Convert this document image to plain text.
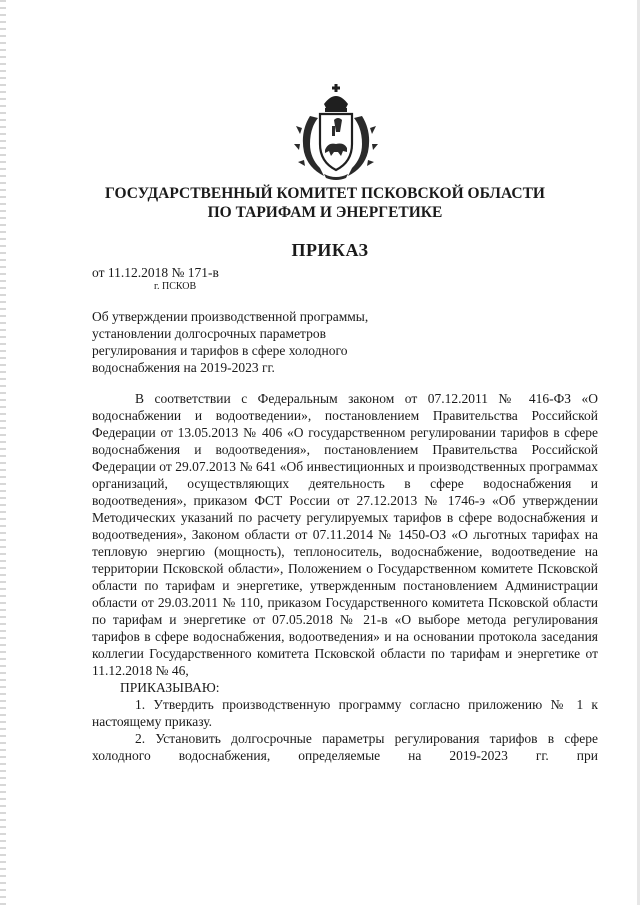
ГОСУДАРСТВЕННЫЙ КОМИТЕТ ПСКОВСКОЙ ОБЛАСТИ
ПО ТАРИФАМ И ЭНЕРГЕТИКЕ
ПРИКАЗ
от 11.12.2018 № 171-в
г. ПСКОВ
Об утверждении производственной программы,
установлении долгосрочных параметров
регулирования и тарифов в сфере холодного
водоснабжения на 2019-2023 гг.

В соответствии с Федеральным законом от 07.12.2011 № 416-ФЗ «О водоснабжении и водоотведении», постановлением Правительства Российской Федерации от 13.05.2013 № 406 «О государственном регулировании тарифов в сфере водоснабжения и водоотведения», постановлением Правительства Российской Федерации от 29.07.2013 № 641 «Об инвестиционных и производственных программах организаций, осуществляющих деятельность в сфере водоснабжения и водоотведения», приказом ФСТ России от 27.12.2013 № 1746-э «Об утверждении Методических указаний по расчету регулируемых тарифов в сфере водоснабжения и водоотведения», Законом области от 07.11.2014 № 1450-ОЗ «О льготных тарифах на тепловую энергию (мощность), теплоноситель, водоснабжение, водоотведение на территории Псковской области», Положением о Государственном комитете Псковской области по тарифам и энергетике, утвержденным постановлением Администрации области от 29.03.2011 № 110, приказом Государственного комитета Псковской области по тарифам и энергетике от 07.05.2018 № 21-в «О выборе метода регулирования тарифов в сфере водоснабжения, водоотведения» и на основании протокола заседания коллегии Государственного комитета Псковской области по тарифам и энергетике от 11.12.2018 № 46,

ПРИКАЗЫВАЮ:

1. Утвердить производственную программу согласно приложению № 1 к настоящему приказу.

2. Установить долгосрочные параметры регулирования тарифов в сфере холодного водоснабжения, определяемые на 2019-2023 гг. при
